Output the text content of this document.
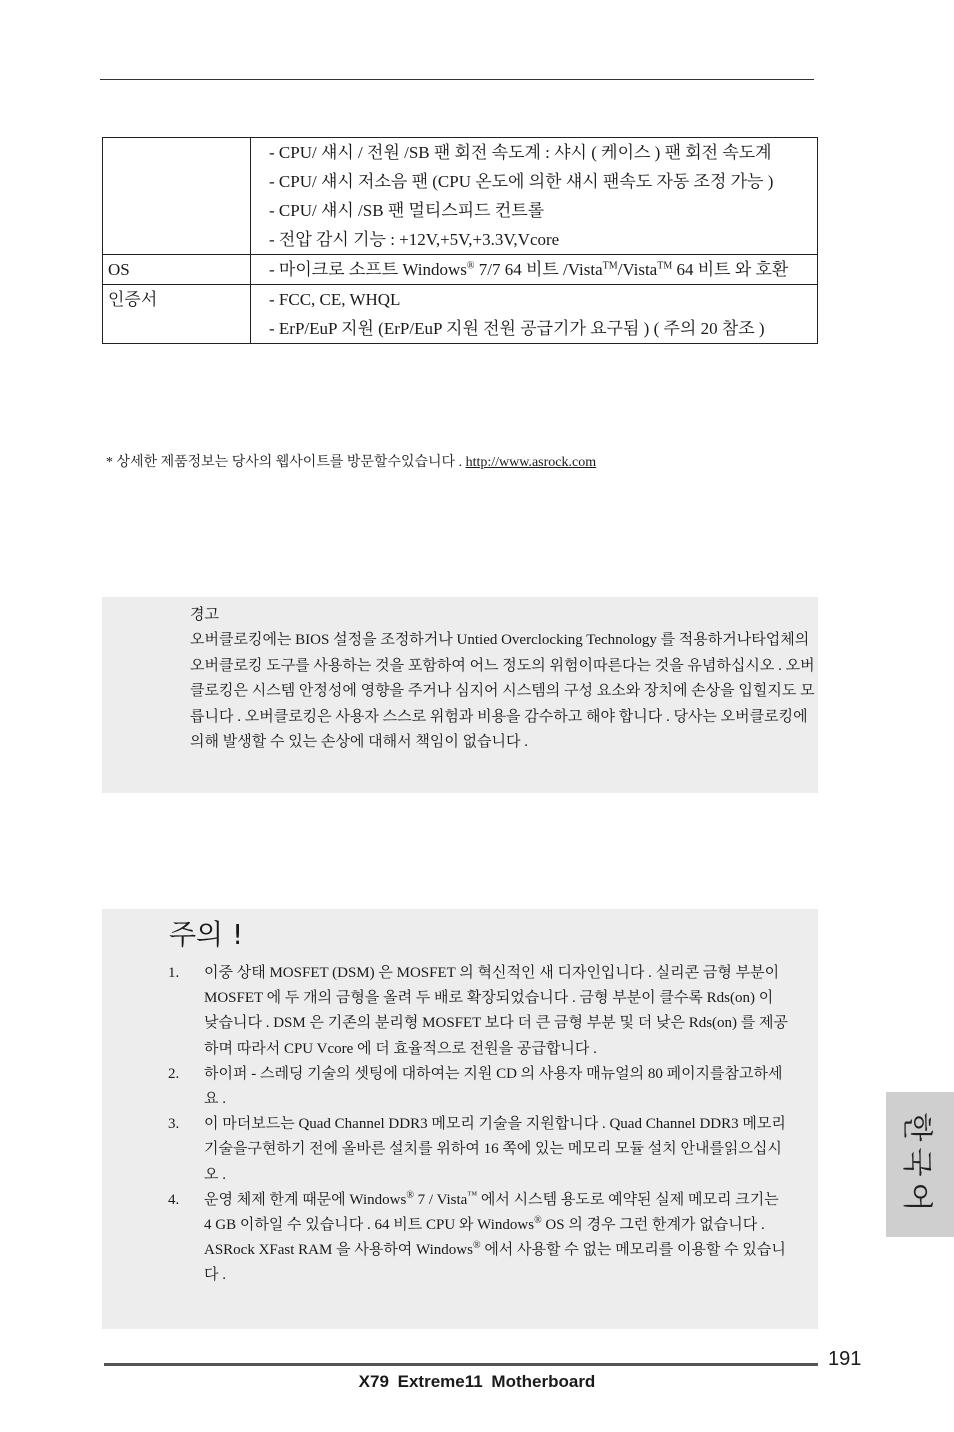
	- CPU/ 섀시 / 전원 /SB 팬 회전 속도계 : 샤시 ( 케이스 ) 팬 회전 속도계
- CPU/ 섀시 저소음 팬 (CPU 온도에 의한 섀시 팬속도 자동 조정 가능 )
- CPU/ 섀시 /SB 팬 멀티스피드 컨트롤
- 전압 감시 기능 : +12V,+5V,+3.3V,Vcore

OS	- 마이크로 소프트 Windows® 7/7 64 비트 /Vista™/Vista™ 64 비트 와 호환

인증서	- FCC, CE, WHQL
- ErP/EuP 지원 (ErP/EuP 지원 전원 공급기가 요구됨 ) ( 주의 20 참조 )
* 상세한 제품정보는 당사의 웹사이트를 방문할수있습니다 . http://www.asrock.com
경고
오버클로킹에는 BIOS 설정을 조정하거나 Untied Overclocking Technology 를 적용하거나타업체의 오버클로킹 도구를 사용하는 것을 포함하여 어느 정도의 위험이따른다는 것을 유념하십시오 . 오버클로킹은 시스템 안정성에 영향을 주거나 심지어 시스템의 구성 요소와 장치에 손상을 입힐지도 모릅니다 . 오버클로킹은 사용자 스스로 위험과 비용을 감수하고 해야 합니다 . 당사는 오버클로킹에 의해 발생할 수 있는 손상에 대해서 책임이 없습니다 .
주의 !
1. 이중 상태 MOSFET (DSM) 은 MOSFET 의 혁신적인 새 디자인입니다 . 실리콘 금형 부분이 MOSFET 에 두 개의 금형을 올려 두 배로 확장되었습니다 . 금형 부분이 클수록 Rds(on) 이 낮습니다 . DSM 은 기존의 분리형 MOSFET 보다 더 큰 금형 부분 및 더 낮은 Rds(on) 를 제공하며 따라서 CPU Vcore 에 더 효율적으로 전원을 공급합니다 .
2. 하이퍼 - 스레딩 기술의 셋팅에 대하여는 지원 CD 의 사용자 매뉴얼의 80 페이지를참고하세요 .
3. 이 마더보드는 Quad Channel DDR3 메모리 기술을 지원합니다 . Quad Channel DDR3 메모리 기술을구현하기 전에 올바른 설치를 위하여 16 쪽에 있는 메모리 모듈 설치 안내를읽으십시오 .
4. 운영 체제 한계 때문에 Windows® 7 / Vista™ 에서 시스템 용도로 예약된 실제 메모리 크기는 4 GB 이하일 수 있습니다 . 64 비트 CPU 와 Windows® OS 의 경우 그런 한계가 없습니다 . ASRock XFast RAM 을 사용하여 Windows® 에서 사용할 수 없는 메모리를 이용할 수 있습니다 .
한국어
191
X79 Extreme11 Motherboard
